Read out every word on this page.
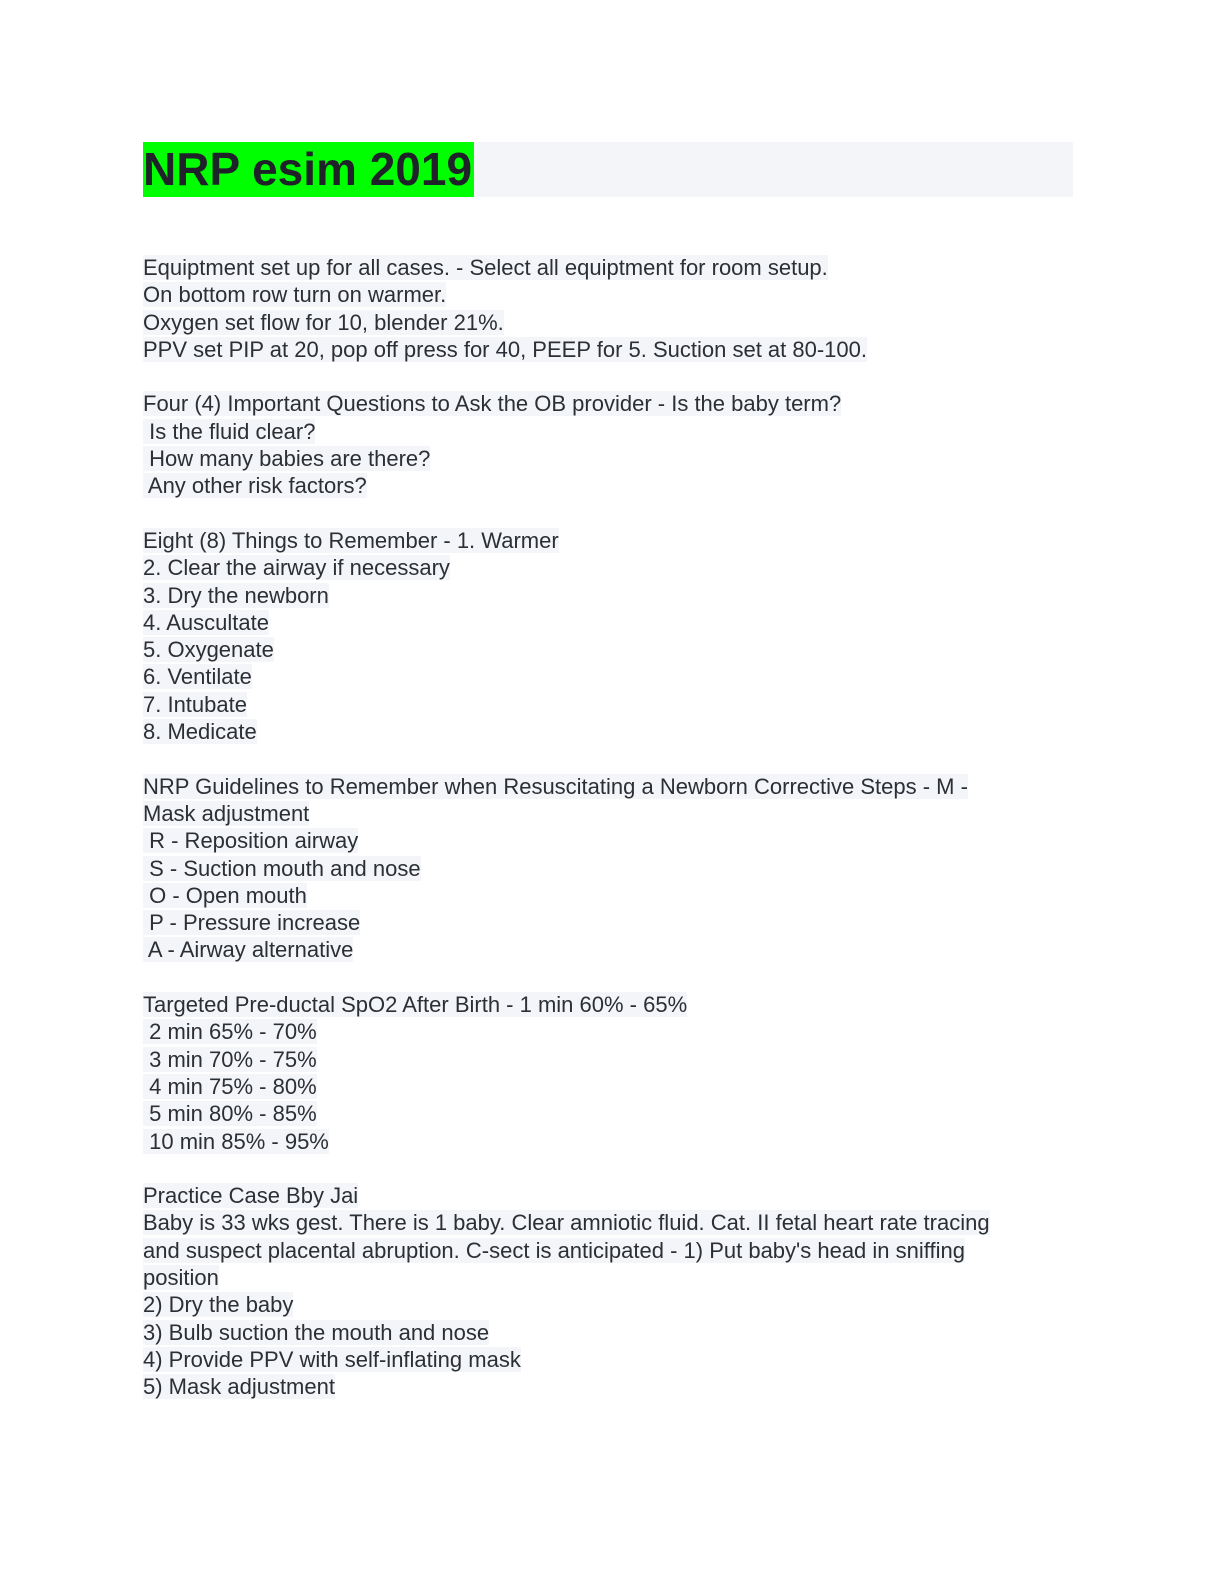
NRP esim 2019
Equiptment set up for all cases. - Select all equiptment for room setup.
On bottom row turn on warmer.
Oxygen set flow for 10, blender 21%.
PPV set PIP at 20, pop off press for 40, PEEP for 5. Suction set at 80-100.
Four (4) Important Questions to Ask the OB provider - Is the baby term?
Is the fluid clear?
How many babies are there?
Any other risk factors?
Eight (8) Things to Remember - 1. Warmer
2. Clear the airway if necessary
3. Dry the newborn
4. Auscultate
5. Oxygenate
6. Ventilate
7. Intubate
8. Medicate
NRP Guidelines to Remember when Resuscitating a Newborn Corrective Steps - M -
Mask adjustment
R - Reposition airway
S - Suction mouth and nose
O - Open mouth
P - Pressure increase
A - Airway alternative
Targeted Pre-ductal SpO2 After Birth - 1 min 60% - 65%
2 min 65% - 70%
3 min 70% - 75%
4 min 75% - 80%
5 min 80% - 85%
10 min 85% - 95%
Practice Case Bby Jai
Baby is 33 wks gest. There is 1 baby. Clear amniotic fluid. Cat. II fetal heart rate tracing
and suspect placental abruption. C-sect is anticipated - 1) Put baby's head in sniffing
position
2) Dry the baby
3) Bulb suction the mouth and nose
4) Provide PPV with self-inflating mask
5) Mask adjustment
